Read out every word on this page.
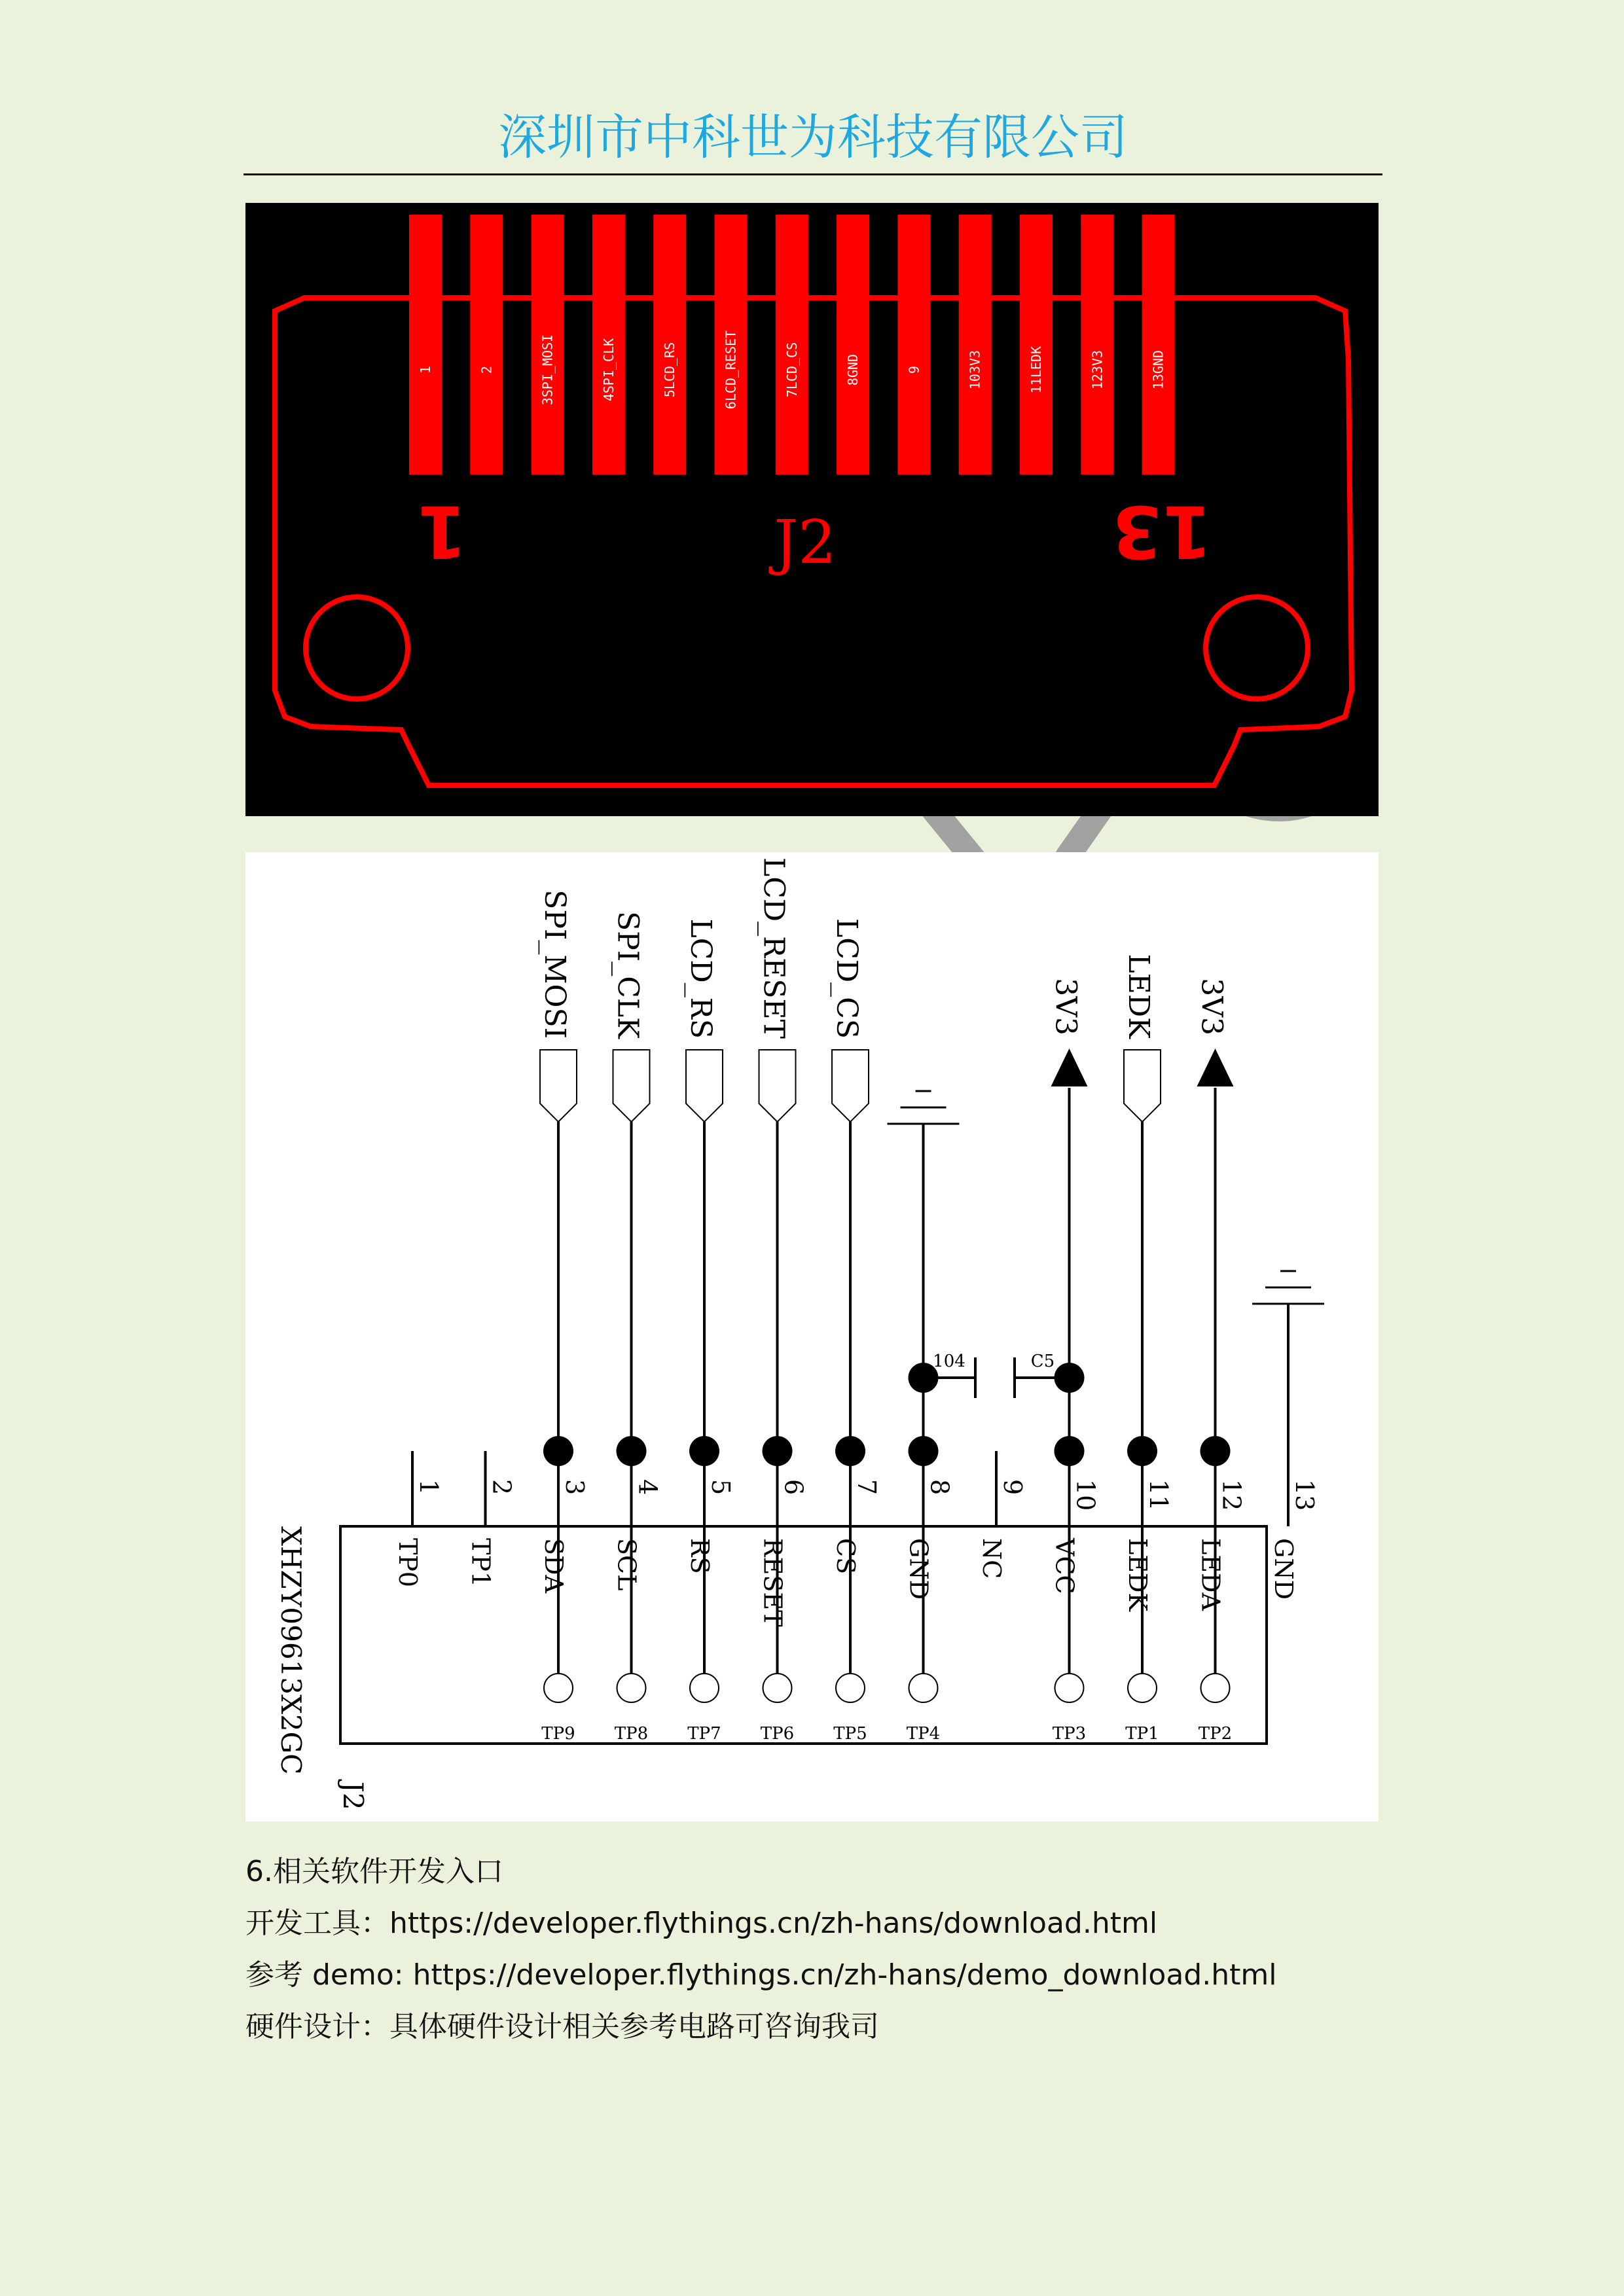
深圳市中科世为科技有限公司
1	2	3SPI_MOSI	4SPI_CLK	5LCD_RS	6LCD_RESET	7LCD_CS	8GND	9	103V3	11LEDK	123V3	13GND
1	13
J2
1
TP0
2
TP1
3
SDA
4
SCL
5
RS
6
RESET
7
CS
8
GND
9
NC
10
VCC
11
LEDK
12
LEDA
13
GND
TP9 TP8 TP7 TP6 TP5 TP4	TP3 TP1 TP2
SPI_MOSI SPI_CLK LCD_RS LCD_RESET LCD_CS	LEDK
3V3	3V3
104	C5
XHZY09613X2GC
J2

6.相关软件开发入口

开发工具：https://developer.flythings.cn/zh-hans/download.html

参考 demo: https://developer.flythings.cn/zh-hans/demo_download.html

硬件设计：具体硬件设计相关参考电路可咨询我司
